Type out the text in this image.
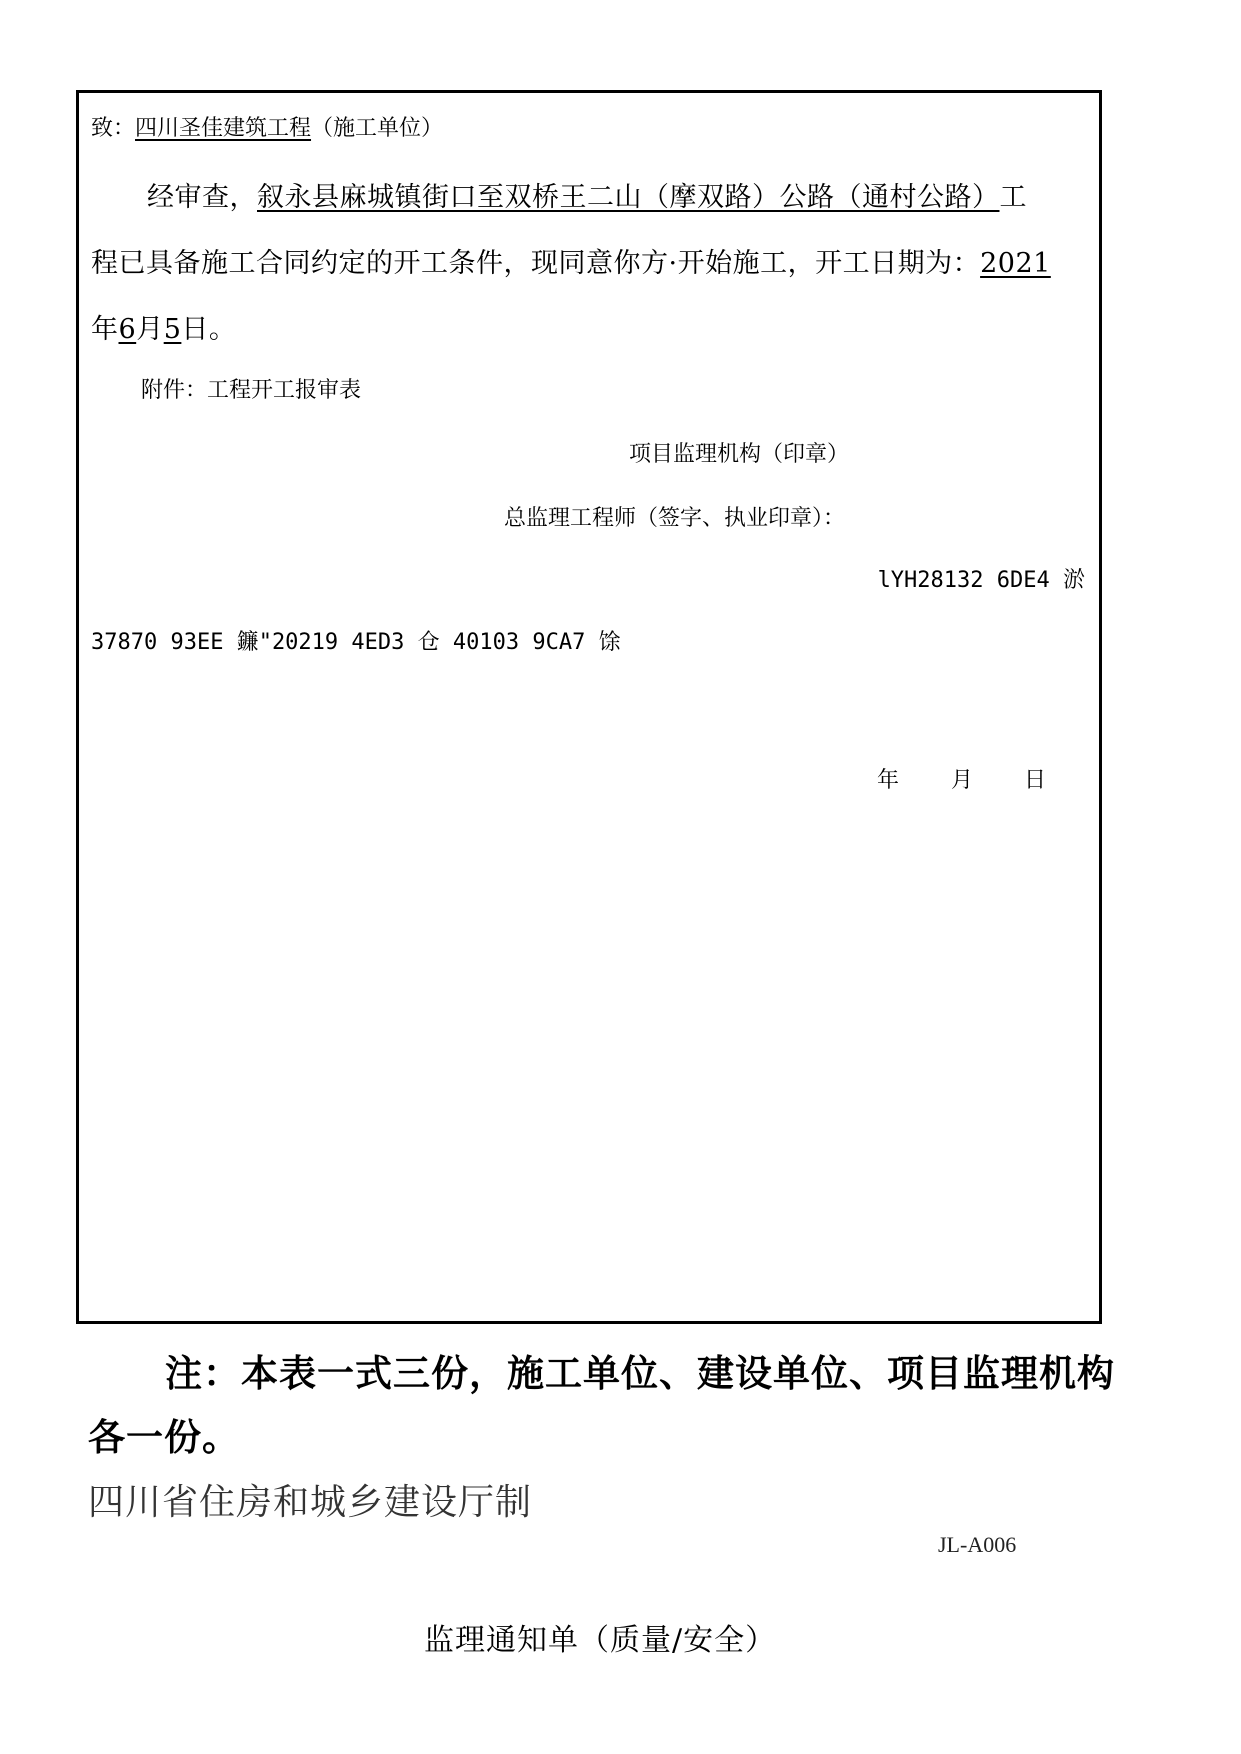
致：四川圣佳建筑工程（施工单位）
经审查，叙永县麻城镇街口至双桥王二山（摩双路）公路（通村公路）工
程已具备施工合同约定的开工条件，现同意你方·开始施工，开工日期为：2021
年6月5日。
附件：工程开工报审表
项目监理机构（印章）
总监理工程师（签字、执业印章）：
lYH28132 6DE4 淤
37870 93EE 鐮"20219 4ED3 仓 40103 9CA7 馀
年 月 日
注：本表一式三份，施工单位、建设单位、项目监理机构
各一份。
四川省住房和城乡建设厅制
JL-A006
监理通知单（质量/安全）
